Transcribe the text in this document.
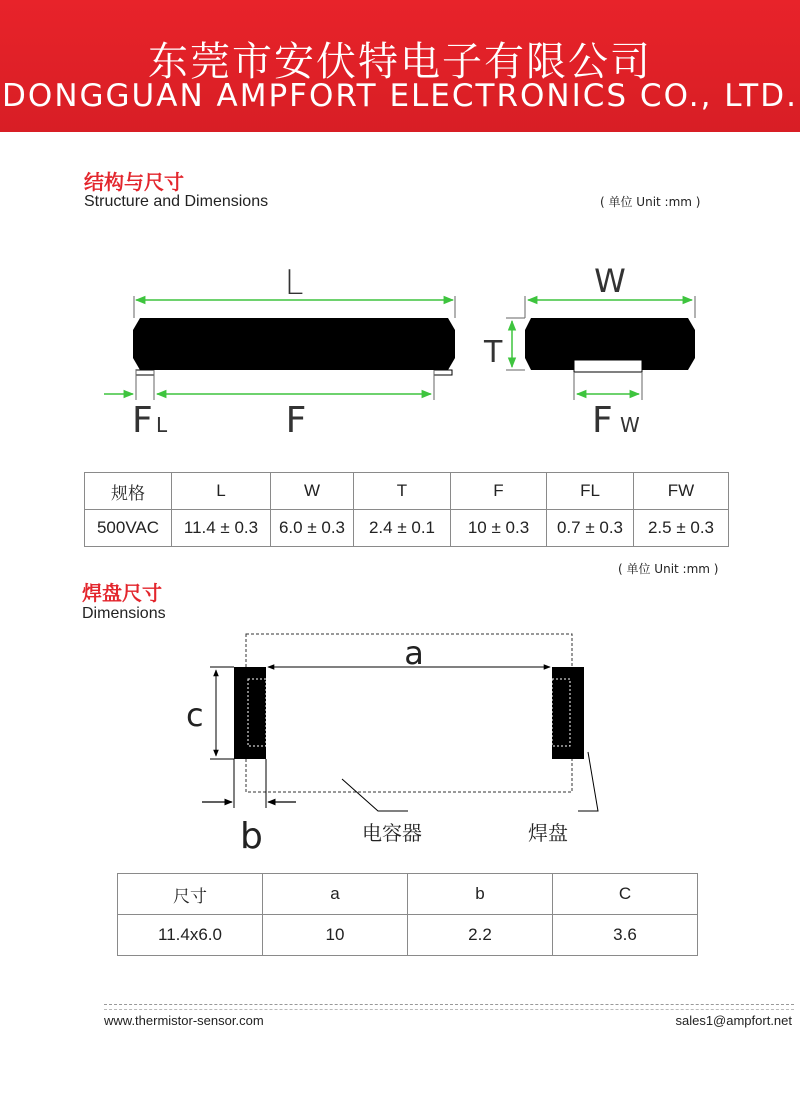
东莞市安伏特电子有限公司
DONGGUAN AMPFORT ELECTRONICS CO., LTD.
结构与尺寸
Structure and Dimensions	( 单位 Unit :mm )
L
F
F L
W
T
F W
规格	L	W	T	F	FL	FW
500VAC	11.4 ± 0.3	6.0 ± 0.3	2.4 ± 0.1	10 ± 0.3	0.7 ± 0.3	2.5 ± 0.3
( 单位 Unit :mm )
焊盘尺寸
Dimensions
a
c
b	电容器	焊盘
尺寸	a	b	C
11.4x6.0	10	2.2	3.6
www.thermistor-sensor.com	sales1@ampfort.net
